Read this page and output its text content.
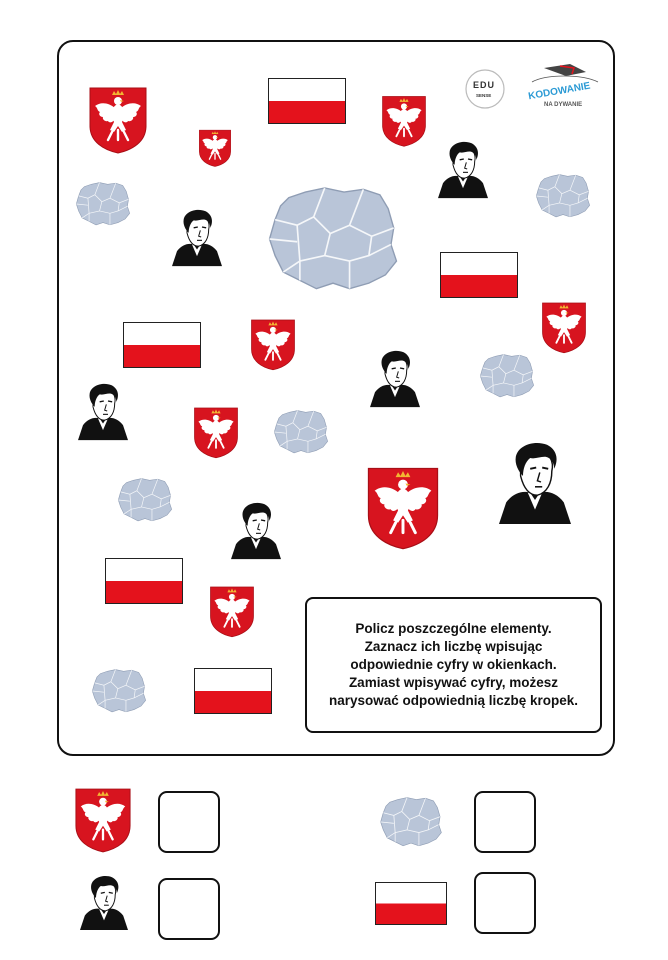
EDU
SENSE	KODOWANIE
NA DYWANIE

Policz poszczególne elementy.
Zaznacz ich liczbę wpisując
odpowiednie cyfry w okienkach.
Zamiast wpisywać cyfry, możesz
narysować odpowiednią liczbę kropek.
